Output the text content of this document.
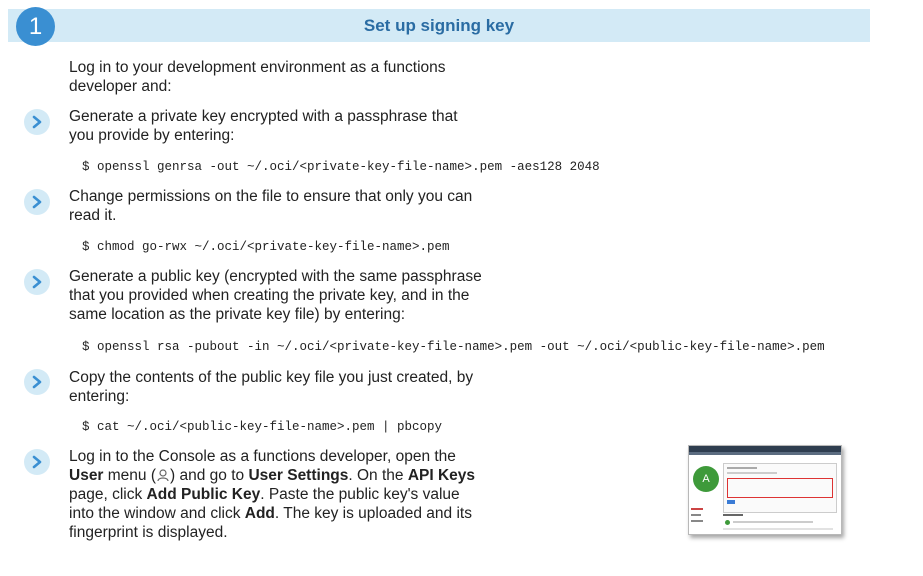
Set up signing key
1
Log in to your development environment as a functions
developer and:
Generate a private key encrypted with a passphrase that
you provide by entering:
$ openssl genrsa -out ~/.oci/<private-key-file-name>.pem -aes128 2048
Change permissions on the file to ensure that only you can
read it.
$ chmod go-rwx ~/.oci/<private-key-file-name>.pem
Generate a public key (encrypted with the same passphrase
that you provided when creating the private key, and in the
same location as the private key file) by entering:
$ openssl rsa -pubout -in ~/.oci/<private-key-file-name>.pem -out ~/.oci/<public-key-file-name>.pem
Copy the contents of the public key file you just created, by
entering:
$ cat ~/.oci/<public-key-file-name>.pem | pbcopy
Log in to the Console as a functions developer, open the
User menu ( ) and go to User Settings. On the API Keys
page, click Add Public Key. Paste the public key's value
into the window and click Add. The key is uploaded and its
fingerprint is displayed.
A
